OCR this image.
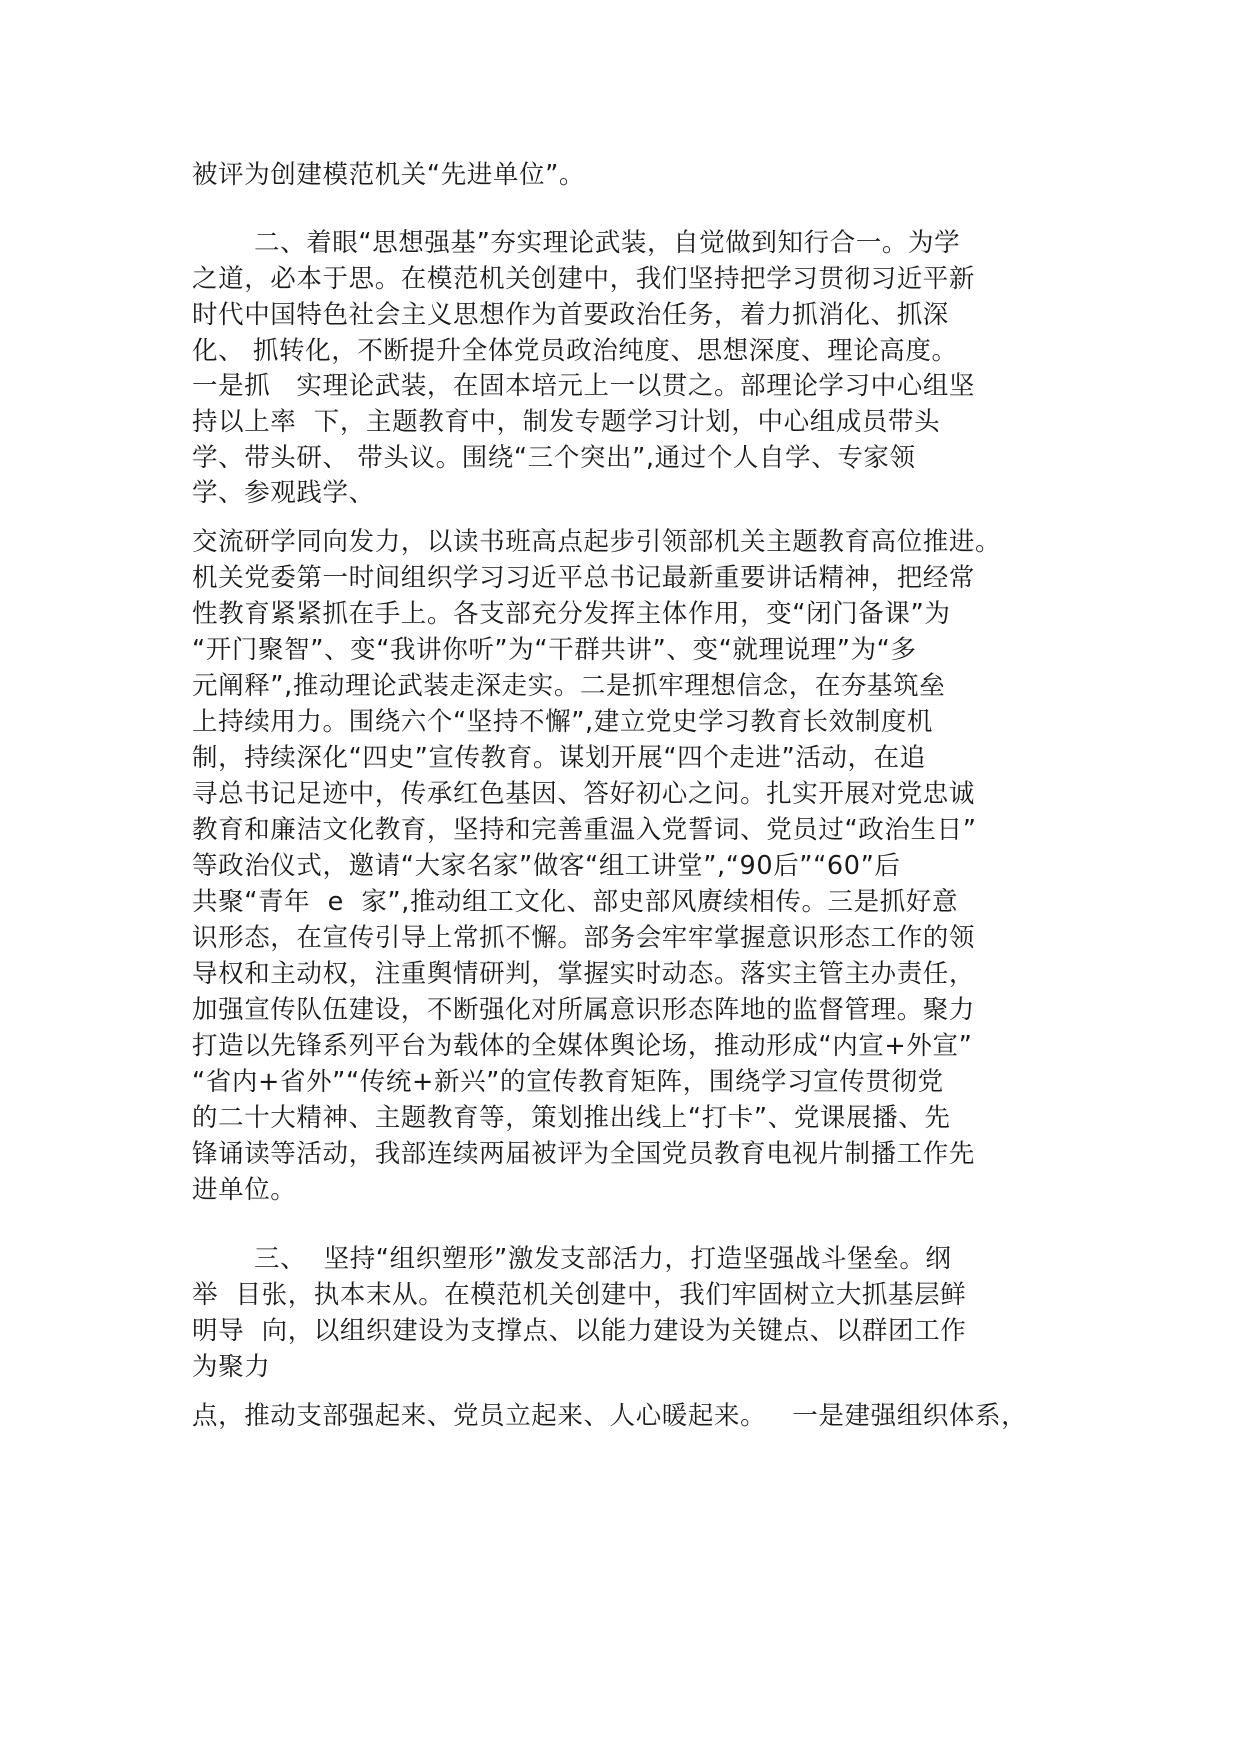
被评为创建模范机关“先进单位”。

二、着眼“思想强基”夯实理论武装，自觉做到知行合一。为学

之道，必本于思。在模范机关创建中，我们坚持把学习贯彻习近平新

时代中国特色社会主义思想作为首要政治任务，着力抓消化、抓深

化、 抓转化，不断提升全体党员政治纯度、思想深度、理论高度。

一是抓   实理论武装，在固本培元上一以贯之。部理论学习中心组坚

持以上率  下，主题教育中，制发专题学习计划，中心组成员带头

学、带头研、 带头议。围绕“三个突出”,通过个人自学、专家领

学、参观践学、

交流研学同向发力，以读书班高点起步引领部机关主题教育高位推进。

机关党委第一时间组织学习习近平总书记最新重要讲话精神，把经常

性教育紧紧抓在手上。各支部充分发挥主体作用，变“闭门备课”为

“开门聚智”、变“我讲你听”为“干群共讲”、变“就理说理”为“多

元阐释”,推动理论武装走深走实。二是抓牢理想信念，在夯基筑垒

上持续用力。围绕六个“坚持不懈”,建立党史学习教育长效制度机

制，持续深化“四史”宣传教育。谋划开展“四个走进”活动，在追

寻总书记足迹中，传承红色基因、答好初心之问。扎实开展对党忠诚

教育和廉洁文化教育，坚持和完善重温入党誓词、党员过“政治生日”

等政治仪式，邀请“大家名家”做客“组工讲堂”,“90后”“60”后

共聚“青年  e  家”,推动组工文化、部史部风赓续相传。三是抓好意

识形态，在宣传引导上常抓不懈。部务会牢牢掌握意识形态工作的领

导权和主动权，注重舆情研判，掌握实时动态。落实主管主办责任，

加强宣传队伍建设，不断强化对所属意识形态阵地的监督管理。聚力

打造以先锋系列平台为载体的全媒体舆论场，推动形成“内宣+外宣”

“省内+省外”“传统+新兴”的宣传教育矩阵，围绕学习宣传贯彻党

的二十大精神、主题教育等，策划推出线上“打卡”、党课展播、先

锋诵读等活动，我部连续两届被评为全国党员教育电视片制播工作先

进单位。

三、  坚持“组织塑形”激发支部活力，打造坚强战斗堡垒。纲

举  目张，执本末从。在模范机关创建中，我们牢固树立大抓基层鲜

明导  向，以组织建设为支撑点、以能力建设为关键点、以群团工作

为聚力

点，推动支部强起来、党员立起来、人心暖起来。   一是建强组织体系，
